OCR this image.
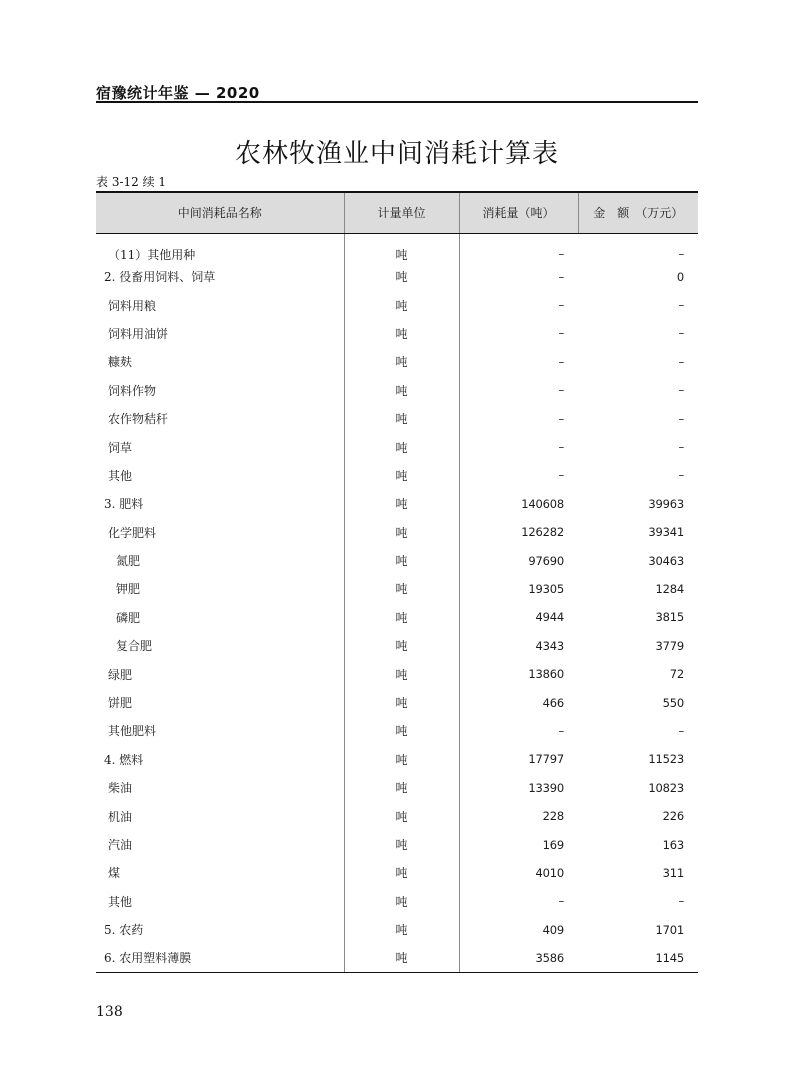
宿豫统计年鉴 — 2020
农林牧渔业中间消耗计算表
表 3-12 续 1
中间消耗品名称	计量单位	消耗量（吨）	金　额　（万元）
（11）其他用种	吨	–	–
2. 役畜用饲料、饲草	吨	–	0
饲料用粮	吨	–	–
饲料用油饼	吨	–	–
糠麸	吨	–	–
饲料作物	吨	–	–
农作物秸秆	吨	–	–
饲草	吨	–	–
其他	吨	–	–
3. 肥料	吨	140608	39963
化学肥料	吨	126282	39341
氮肥	吨	97690	30463
钾肥	吨	19305	1284
磷肥	吨	4944	3815
复合肥	吨	4343	3779
绿肥	吨	13860	72
饼肥	吨	466	550
其他肥料	吨	–	–
4. 燃料	吨	17797	11523
柴油	吨	13390	10823
机油	吨	228	226
汽油	吨	169	163
煤	吨	4010	311
其他	吨	–	–
5. 农药	吨	409	1701
6. 农用塑料薄膜	吨	3586	1145
138
